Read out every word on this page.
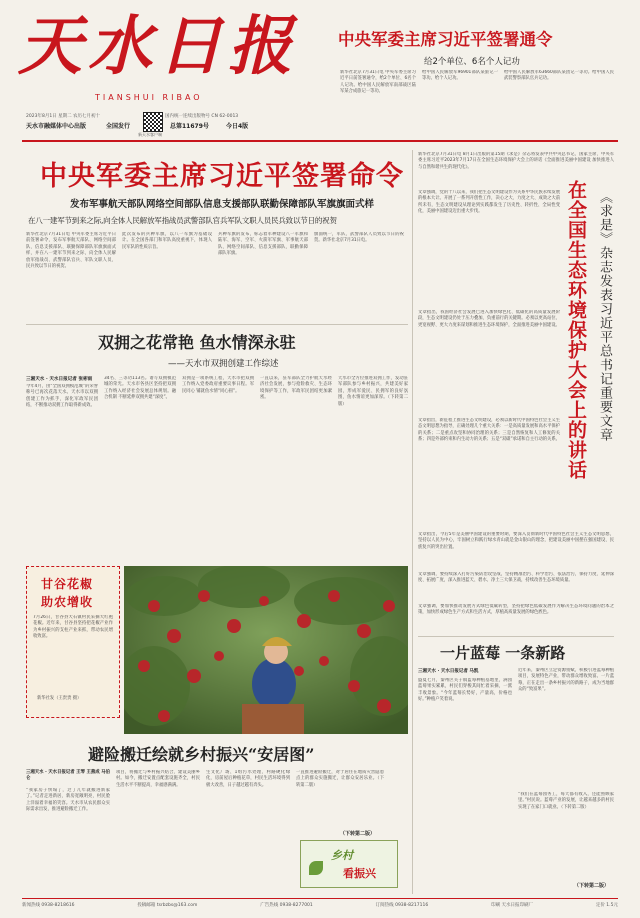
天水日报
TIANSHUI RIBAO
2023年8月1日 星期二 农历七月初十
天水市融媒体中心出版	全国发行
国内统一连续出版物号 CN 62-0013
总第11679号	今日4版
新天水客户端
中央军委主席习近平签署通令
给2个单位、6名个人记功
新华社北京7月31日电 中央军委主席习近平日前签署通令，给2个单位、6名个人记功。给中国人民解放军南部战区陆军某合成旅记一等功。
给中国人民解放军96901部队某旅记一等功。给个人记功。
给中国人民解放军63660部队某团记一等功。给中国人民武装警察部队官兵记功。
中央军委主席习近平签署命令
发布军事航天部队网络空间部队信息支援部队联勤保障部队军旗旗面式样
在八一建军节到来之际,向全体人民解放军指战员武警部队官兵军队文职人员民兵致以节日的祝贺
新华社北京7月31日电 中央军委主席习近平日前签署命令，发布军事航天部队、网络空间部队、信息支援部队、联勤保障部队军旗旗面式样，并在八一建军节到来之际，向全体人民解放军指战员、武警部队官兵、军队文职人员、民兵致以节日的祝贺。
此次发布的兵种军旗，以八一军旗为基础设计。在全国各部门和军队高度重视下，体现人民军队的性质宗旨。
兵种军旗的发布，标志着军种建设八一军旗和陆军、海军、空军、火箭军军旗、军事航天部队、网络空间部队、信息支援部队、联勤保障部队军旗。
旗面统一，军队、武警部队人员致以节日的祝贺。新华社北京7月31日电。
双拥之花常艳 鱼水情深永驻
——天水市双拥创建工作综述
三湘天水 · 天水日报记者 张彬雨
今年4月，由“全国双拥模范城”的荣誉称号已再次花落天水。天水市以双拥创建工作为抓手，深化军政军民团结，不断推动双拥工作取得新成效。
34名、三等功113名。谱写双拥模范城的荣光。天水市各县区坚持把双拥工作纳入经济社会发展总体规划。融合机制 不断延伸双拥共建“深度”。
双拥是一项系统工程，天水市把双拥工作纳入党委政府重要议事日程。军民同心 铺就鱼水情“同心圆”。
一直以来，驻军部队全力护航天水经济社会发展，参与抢险救灾、生态环境保护等工作，军政军民团结更加紧密。
天水市全方位推进双拥工作，发动驻军部队参与乡村振兴，共建美好家园，形成军爱民、民拥军的良好氛围，鱼水情谊更加深厚。（下转第二版）
甘谷花椒
助农增收
7月26日，甘谷县大石镇村民采摘大红袍花椒。近年来，甘谷县坚持把花椒产业作为乡村振兴的支柱产业来抓，带动农民增收致富。
新华社发（王贵贵 摄）
避险搬迁绘就乡村振兴“安居图”
三湘天水 · 天水日报记者 王琴 王燕成 马伯仑
“我家房子快塌了，过了几年就搬进新家了。”记者走进新居，新房宽敞明亮，村民脸上洋溢着幸福的笑容。天水市从农民群众实际需求出发，推进避险搬迁工作。
项目，将搬迁与乡村振兴结合，建设美丽乡村。如今，搬迁安置点配套设施齐全，村民生活水平不断提高，幸福感满满。
生文化广场、1组污水处理、村路硬化绿化，房前屋后种植花草，村民生活环境得到极大改善，日子越过越有奔头。
一直推进避险搬迁，对于居住在地质灾害隐患点上的群众实施搬迁，让群众安居乐业。（下转第二版）
（下转第二版）
乡村
看振兴
新华社北京7月31日电 8月1日出版的第15期《求是》杂志将发表中共中央总书记、国家主席、中央军委主席习近平2023年7月17日在全国生态环境保护大会上的讲话《全面推进美丽中国建设 加快推进人与自然和谐共生的现代化》。
文章强调，党的十八以来，我们把生态文明建设作为关系中华民族永续发展的根本大计。开展了一系列开创性工作，决心之大、力度之大、成效之大前所未有，生态文明建设从理论到实践都发生了历史性、转折性、全局性变化，美丽中国建设迈出重大步伐。	在全国生态环境保护大会上的讲话 《求是》杂志发表习近平总书记重要文章
文章指出，我国经济社会发展已进入加快绿色化、低碳化的高质量发展阶段，生态文明建设仍处于压力叠加、负重前行的关键期。必须以更高站位、更宽视野、更大力度来谋划和推进生态环境保护，全面推进美丽中国建设。
文章指出，新征程上推进生态文明建设，必须以新时代中国特色社会主义生态文明思想为指导，正确处理几个重大关系：一是高质量发展和高水平保护的关系；二是重点攻坚和协同治理的关系；三是自然恢复和人工修复的关系；四是外部约束和内生动力的关系；五是“双碳”承诺和自主行动的关系。
文章指出，今后5年是美丽中国建设的重要时期，要深入贯彻新时代中国特色社会主义生态文明思想，坚持以人民为中心，牢固树立和践行绿水青山就是金山银山的理念，把建设美丽中国摆在强国建设、民族复兴的突出位置。
文章强调，要持续深入打好污染防治攻坚战，坚持精准治污、科学治污、依法治污，保持力度、延伸深度、拓展广度，深入推进蓝天、碧水、净土三大保卫战，持续改善生态环境质量。
文章强调，要加快推动发展方式绿色低碳转型，坚持把绿色低碳发展作为解决生态环境问题的治本之策，加快形成绿色生产方式和生活方式，厚植高质量发展的绿色底色。
一片蓝莓 一条新路
三湘天水 · 天水日报记者 马凯
盛夏七月，秦州区关子镇蓝莓种植基地里，满园蓝莓果实累累，村民们穿梭其间忙着采摘，一派丰收景象。“今年蓝莓长势好，产量高，价格也好。”种植户笑着说。
近年来，秦州区立足资源禀赋，积极引进蓝莓种植项目，发展特色产业，带动群众增收致富。一片蓝莓，正在走出一条乡村振兴的新路子，成为当地群众的“致富果”。
“我们在蓝莓园务工，每天都有收入，还能照顾家里。”村民说。蓝莓产业的发展，让越来越多的村民实现了在家门口就业。（下转第二版）
（下转第二版）
新闻热线 0938-8218616	投稿邮箱 tsrbzbs@163.com	广告热线 0938-8277001	订阅热线 0938-8217116	印刷 天水日报印刷厂	定价 1.5元
